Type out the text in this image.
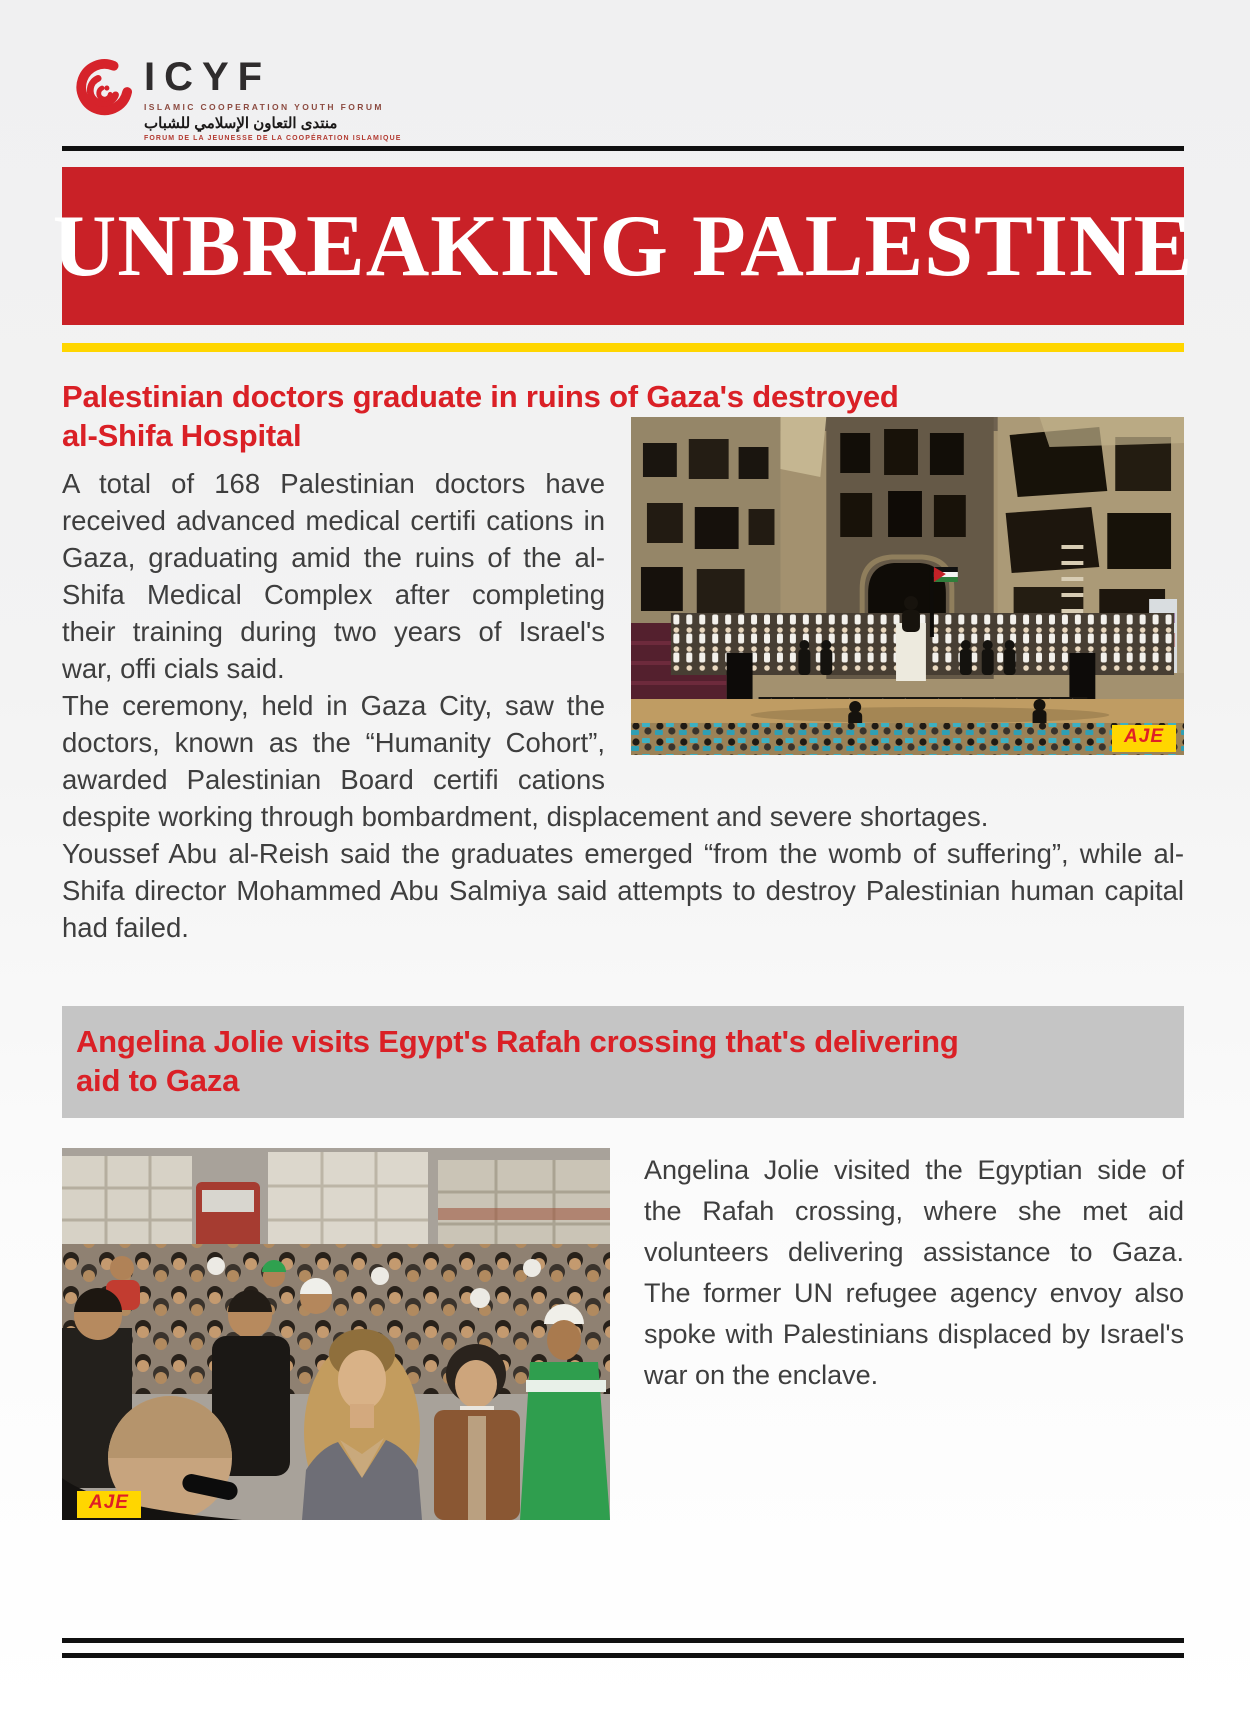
ICYF
ISLAMIC COOPERATION YOUTH FORUM
منتدى التعاون الإسلامي للشباب
FORUM DE LA JEUNESSE DE LA COOPÉRATION ISLAMIQUE
UNBREAKING PALESTINE
Palestinian doctors graduate in ruins of Gaza's destroyed
al-Shifa Hospital
AJE

A total of 168 Palestinian doctors have received advanced medical certifi cations in Gaza, graduating amid the ruins of the al-Shifa Medical Complex after completing their training during two years of Israel's war, offi cials said.

The ceremony, held in Gaza City, saw the doctors, known as the “Humanity Cohort”, awarded Palestinian Board certifi cations despite working through bombardment, displacement and severe shortages.

Youssef Abu al-Reish said the graduates emerged “from the womb of suffering”, while al-Shifa director Mohammed Abu Salmiya said attempts to destroy Palestinian human capital had failed.

Angelina Jolie visits Egypt's Rafah crossing that's delivering
aid to Gaza
AJE

Angelina Jolie visited the Egyptian side of the Rafah crossing, where she met aid volunteers delivering assistance to Gaza. The former UN refugee agency envoy also spoke with Palestinians displaced by Israel's war on the enclave.
